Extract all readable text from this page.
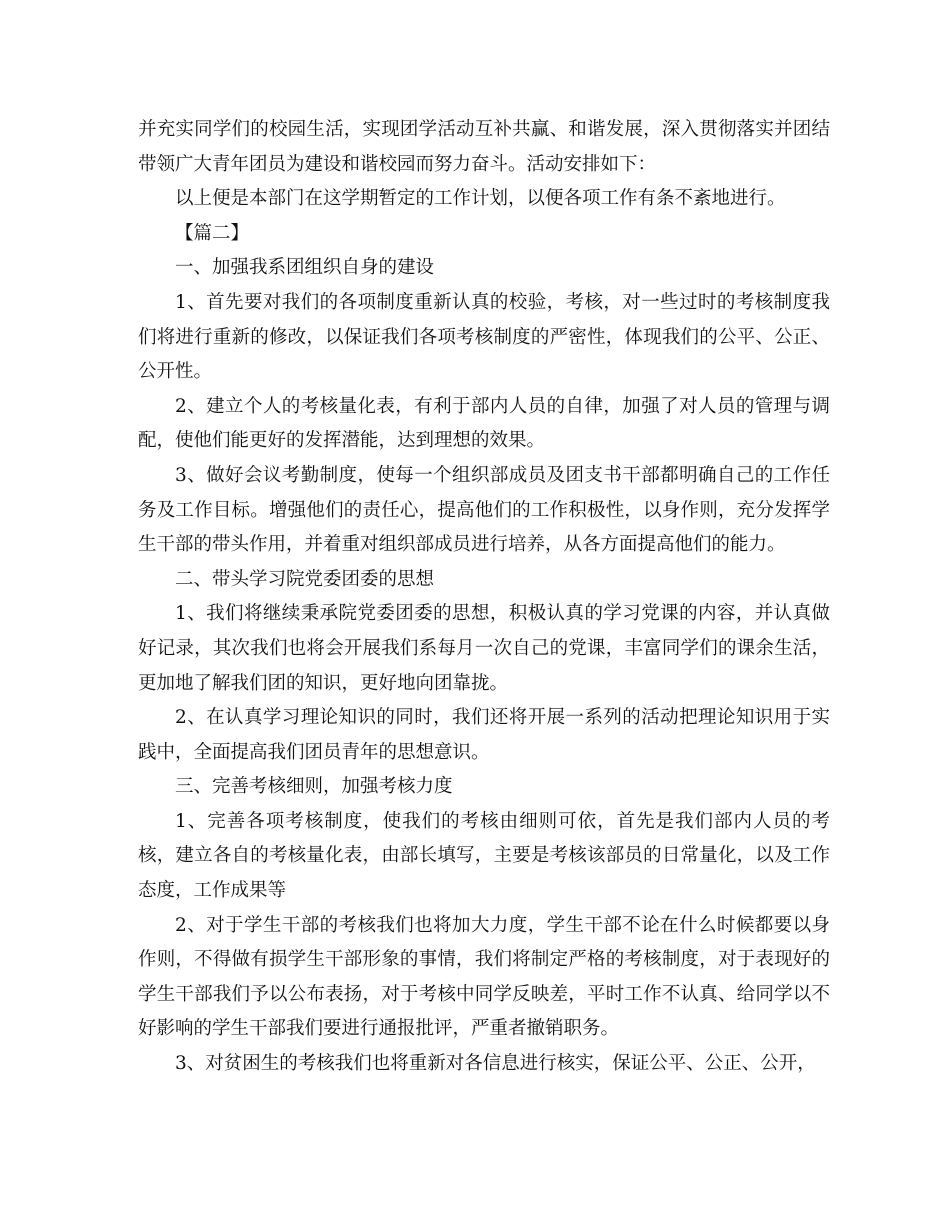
并充实同学们的校园生活，实现团学活动互补共赢、和谐发展，深入贯彻落实并团结带领广大青年团员为建设和谐校园而努力奋斗。活动安排如下：

以上便是本部门在这学期暂定的工作计划，以便各项工作有条不紊地进行。

【篇二】

一、加强我系团组织自身的建设

1、首先要对我们的各项制度重新认真的校验，考核，对一些过时的考核制度我们将进行重新的修改，以保证我们各项考核制度的严密性，体现我们的公平、公正、公开性。

2、建立个人的考核量化表，有利于部内人员的自律，加强了对人员的管理与调配，使他们能更好的发挥潜能，达到理想的效果。

3、做好会议考勤制度，使每一个组织部成员及团支书干部都明确自己的工作任务及工作目标。增强他们的责任心，提高他们的工作积极性，以身作则，充分发挥学生干部的带头作用，并着重对组织部成员进行培养，从各方面提高他们的能力。

二、带头学习院党委团委的思想

1、我们将继续秉承院党委团委的思想，积极认真的学习党课的内容，并认真做好记录，其次我们也将会开展我们系每月一次自己的党课，丰富同学们的课余生活，更加地了解我们团的知识，更好地向团靠拢。

2、在认真学习理论知识的同时，我们还将开展一系列的活动把理论知识用于实践中，全面提高我们团员青年的思想意识。

三、完善考核细则，加强考核力度

1、完善各项考核制度，使我们的考核由细则可依，首先是我们部内人员的考核，建立各自的考核量化表，由部长填写，主要是考核该部员的日常量化，以及工作态度，工作成果等

2、对于学生干部的考核我们也将加大力度，学生干部不论在什么时候都要以身作则，不得做有损学生干部形象的事情，我们将制定严格的考核制度，对于表现好的学生干部我们予以公布表扬，对于考核中同学反映差，平时工作不认真、给同学以不好影响的学生干部我们要进行通报批评，严重者撤销职务。

3、对贫困生的考核我们也将重新对各信息进行核实，保证公平、公正、公开，
